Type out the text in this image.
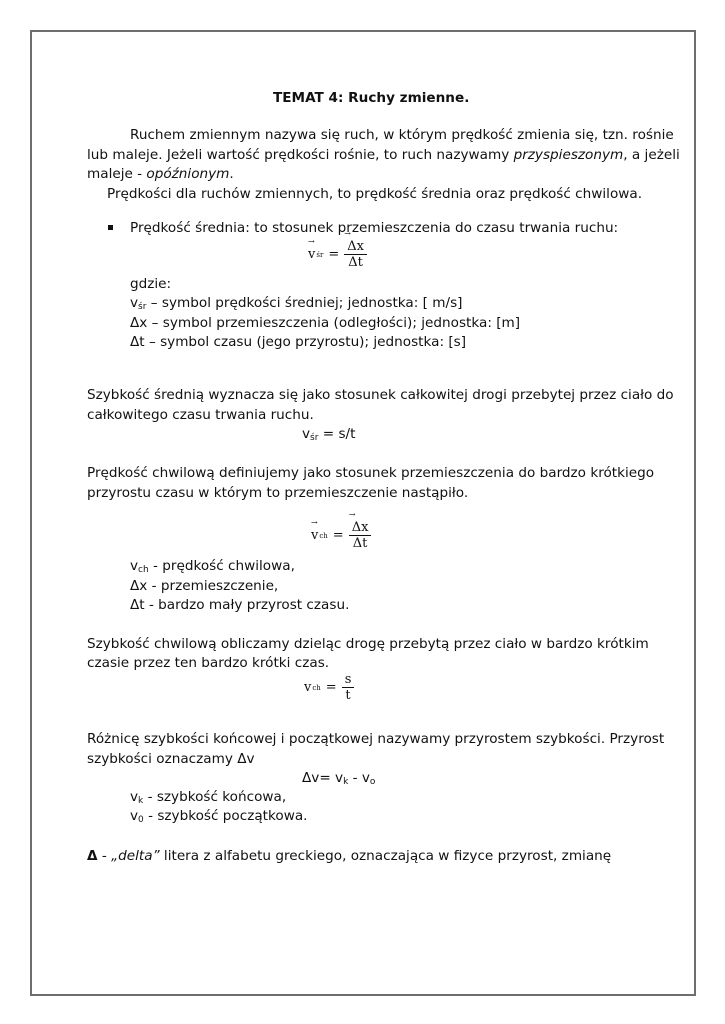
TEMAT 4: Ruchy zmienne.
Ruchem zmiennym nazywa się ruch, w którym prędkość zmienia się, tzn. rośnie
lub maleje. Jeżeli wartość prędkości rośnie, to ruch nazywamy przyspieszonym, a jeżeli
maleje - opóźnionym.
Prędkości dla ruchów zmiennych, to prędkość średnia oraz prędkość chwilowa.
Prędkość średnia: to stosunek przemieszczenia do czasu trwania ruchu:
→ v śr = → $\frac{\Delta x}{\Delta t}$
gdzie:
$v_{śr}$ – symbol prędkości średniej; jednostka: [ m/s]
Δx – symbol przemieszczenia (odległości); jednostka: [m]
Δt – symbol czasu (jego przyrostu); jednostka: [s]
Szybkość średnią wyznacza się jako stosunek całkowitej drogi przebytej przez ciało do
całkowitego czasu trwania ruchu.
$v_{śr} = s/t$
Prędkość chwilową definiujemy jako stosunek przemieszczenia do bardzo krótkiego
przyrostu czasu w którym to przemieszczenie nastąpiło.
→ v ch = → $\frac{\Delta x}{\Delta t}$
$v_{ch}$ - prędkość chwilowa,
Δx - przemieszczenie,
Δt - bardzo mały przyrost czasu.
Szybkość chwilową obliczamy dzieląc drogę przebytą przez ciało w bardzo krótkim
czasie przez ten bardzo krótki czas.
v ch = $\frac{s}{t}$
Różnicę szybkości końcowej i początkowej nazywamy przyrostem szybkości. Przyrost
szybkości oznaczamy Δv
$\Delta v= v_k - v_o$
$v_k$ - szybkość końcowa,
$v_0$ - szybkość początkowa.
Δ - „delta” litera z alfabetu greckiego, oznaczająca w fizyce przyrost, zmianę
